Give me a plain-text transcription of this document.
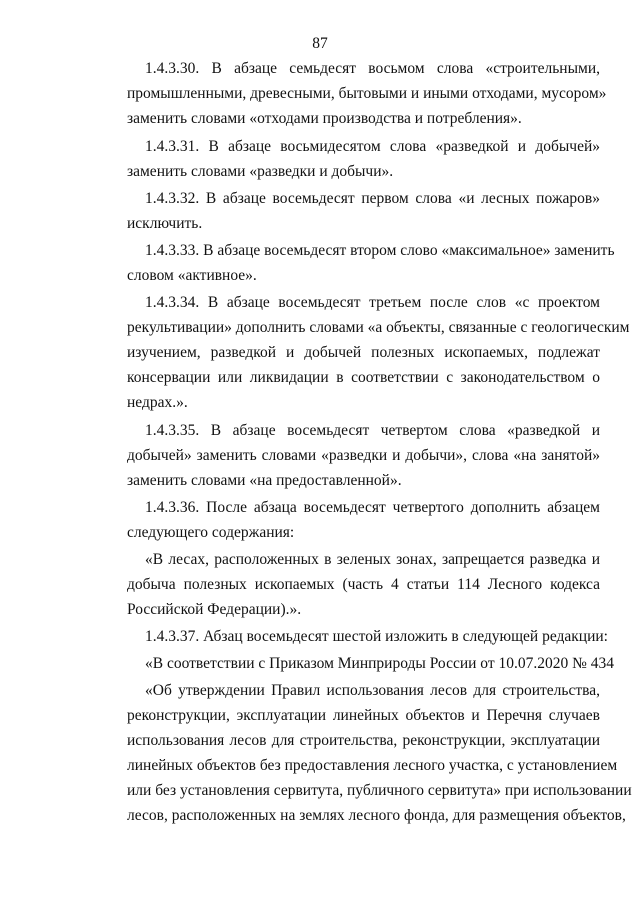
87
1.4.3.30. В абзаце семьдесят восьмом слова «строительными,
промышленными, древесными, бытовыми и иными отходами, мусором»
заменить словами «отходами производства и потребления».
1.4.3.31. В абзаце восьмидесятом слова «разведкой и добычей»
заменить словами «разведки и добычи».
1.4.3.32. В абзаце восемьдесят первом слова «и лесных пожаров»
исключить.
1.4.3.33. В абзаце восемьдесят втором слово «максимальное» заменить
словом «активное».
1.4.3.34. В абзаце восемьдесят третьем после слов «с проектом
рекультивации» дополнить словами «а объекты, связанные с геологическим
изучением, разведкой и добычей полезных ископаемых, подлежат
консервации или ликвидации в соответствии с законодательством о
недрах.».
1.4.3.35. В абзаце восемьдесят четвертом слова «разведкой и
добычей» заменить словами «разведки и добычи», слова «на занятой»
заменить словами «на предоставленной».
1.4.3.36. После абзаца восемьдесят четвертого дополнить абзацем
следующего содержания:
«В лесах, расположенных в зеленых зонах, запрещается разведка и
добыча полезных ископаемых (часть 4 статьи 114 Лесного кодекса
Российской Федерации).».
1.4.3.37. Абзац восемьдесят шестой изложить в следующей редакции:
«В соответствии с Приказом Минприроды России от 10.07.2020 № 434
«Об утверждении Правил использования лесов для строительства,
реконструкции, эксплуатации линейных объектов и Перечня случаев
использования лесов для строительства, реконструкции, эксплуатации
линейных объектов без предоставления лесного участка, с установлением
или без установления сервитута, публичного сервитута» при использовании
лесов, расположенных на землях лесного фонда, для размещения объектов,
